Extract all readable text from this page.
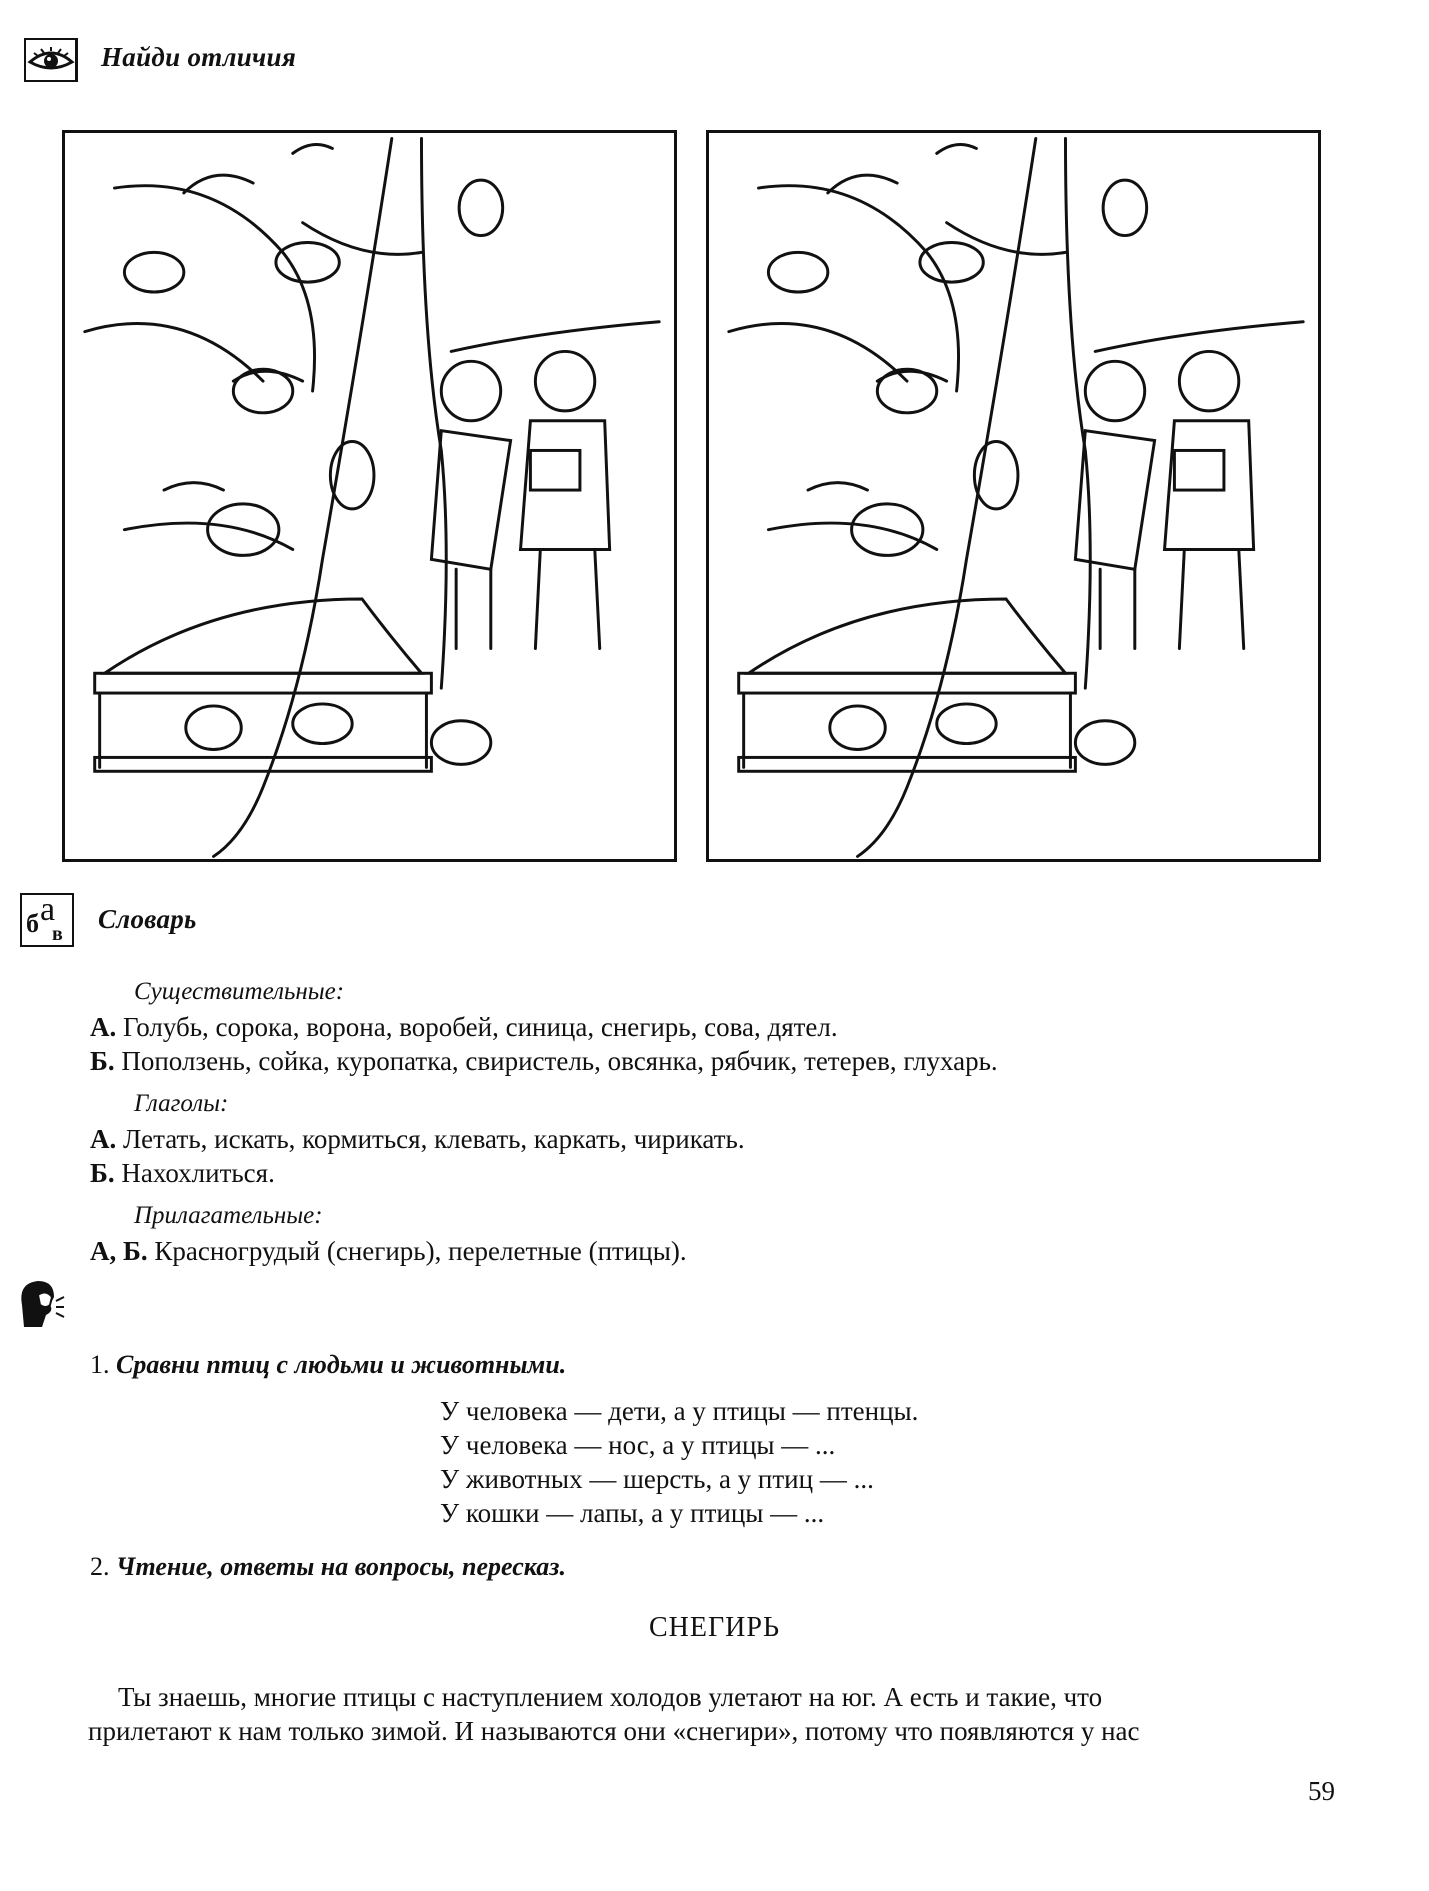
Найди отличия
б а
в Словарь
Существительные:
А. Голубь, сорока, ворона, воробей, синица, снегирь, сова, дятел.
Б. Поползень, сойка, куропатка, свиристель, овсянка, рябчик, тетерев, глухарь.
Глаголы:
А. Летать, искать, кормиться, клевать, каркать, чирикать.
Б. Нахохлиться.
Прилагательные:
А, Б. Красногрудый (снегирь), перелетные (птицы).
1. Сравни птиц с людьми и животными.
У человека — дети, а у птицы — птенцы.
У человека — нос, а у птицы — ...
У животных — шерсть, а у птиц — ...
У кошки — лапы, а у птицы — ...
2. Чтение, ответы на вопросы, пересказ.
СНЕГИРЬ
Ты знаешь, многие птицы с наступлением холодов улетают на юг. А есть и такие, что
прилетают к нам только зимой. И называются они «снегири», потому что появляются у нас
59
